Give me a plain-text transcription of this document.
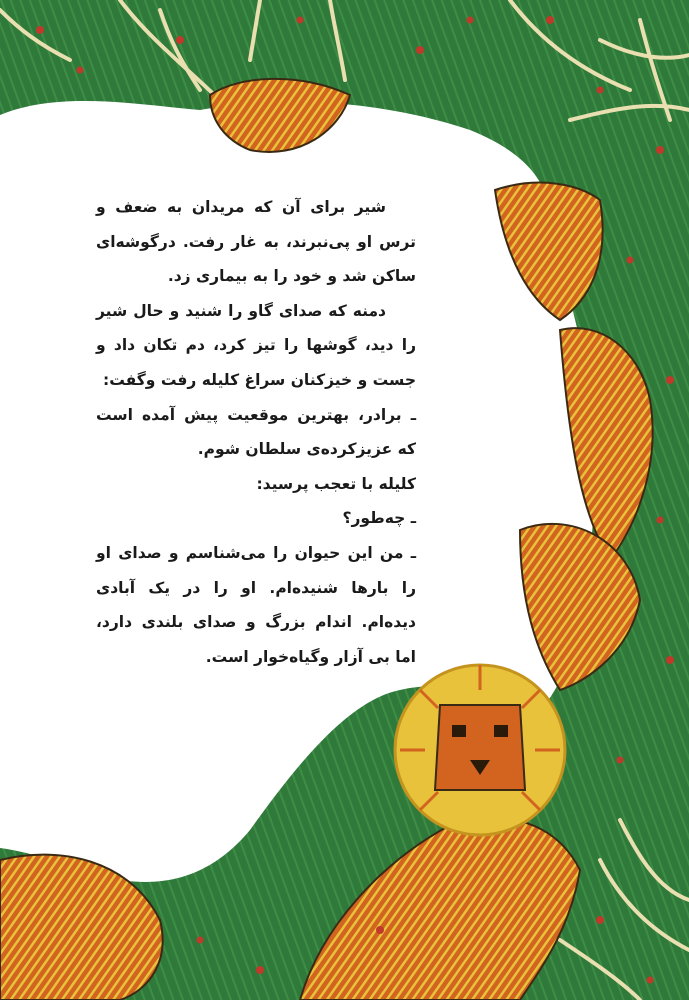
شیر برای آن که مریدان به ضعف و ترس او پی‌نبرند، به غار رفت. درگوشه‌ای ساکن شد و خود را به بیماری زد.

دمنه که صدای گاو را شنید و حال شیر را دید، گوشها را تیز کرد، دم تکان داد و جست و خیزکنان سراغ کلیله رفت وگفت:

ـ برادر، بهترین موقعیت پیش آمده است که عزیزکرده‌ی سلطان شوم.

کلیله با تعجب پرسید:

ـ چه‌طور؟

ـ من این حیوان را می‌شناسم و صدای او را بارها شنیده‌ام. او را در یک آبادی دیده‌ام. اندام بزرگ و صدای بلندی دارد، اما بی آزار وگیاه‌خوار است.
